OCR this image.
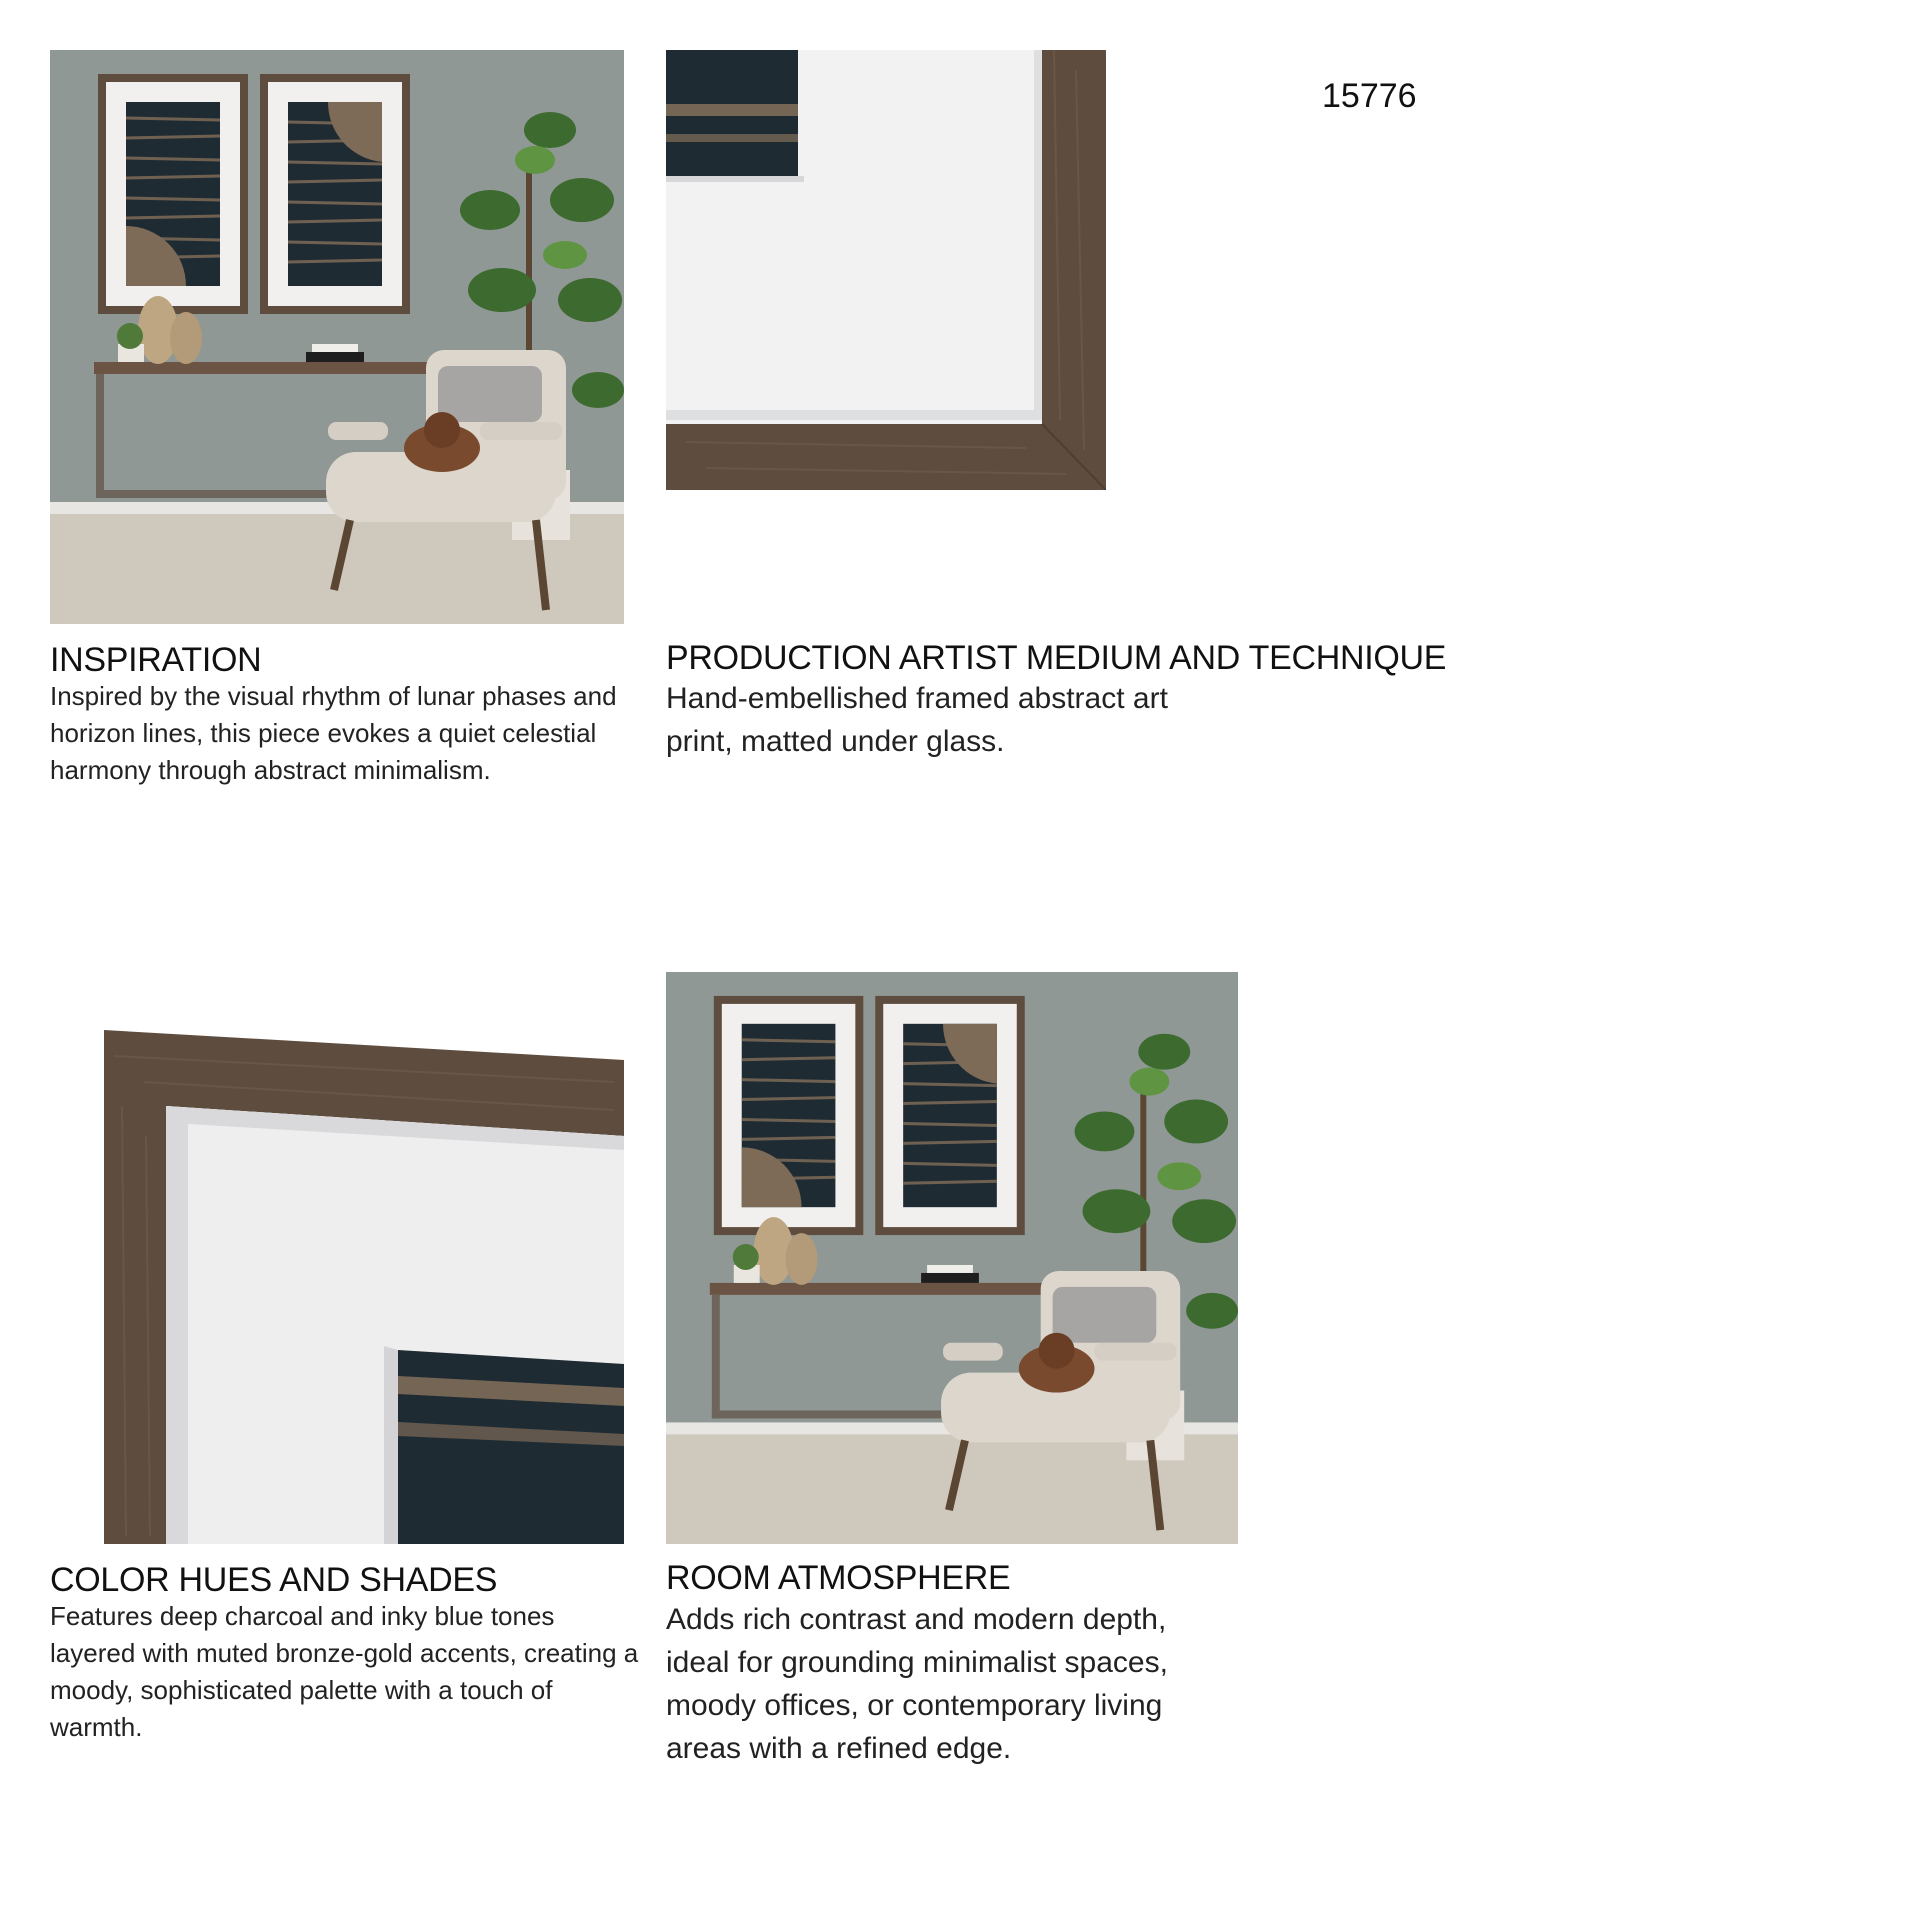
15776
INSPIRATION

Inspired by the visual rhythm of lunar phases and horizon lines, this piece evokes a quiet celestial harmony through abstract minimalism.

PRODUCTION ARTIST MEDIUM AND TECHNIQUE

Hand-embellished framed abstract art print, matted under glass.

COLOR HUES AND SHADES

Features deep charcoal and inky blue tones layered with muted bronze-gold accents, creating a moody, sophisticated palette with a touch of warmth.

ROOM ATMOSPHERE

Adds rich contrast and modern depth, ideal for grounding minimalist spaces, moody offices, or contemporary living areas with a refined edge.
